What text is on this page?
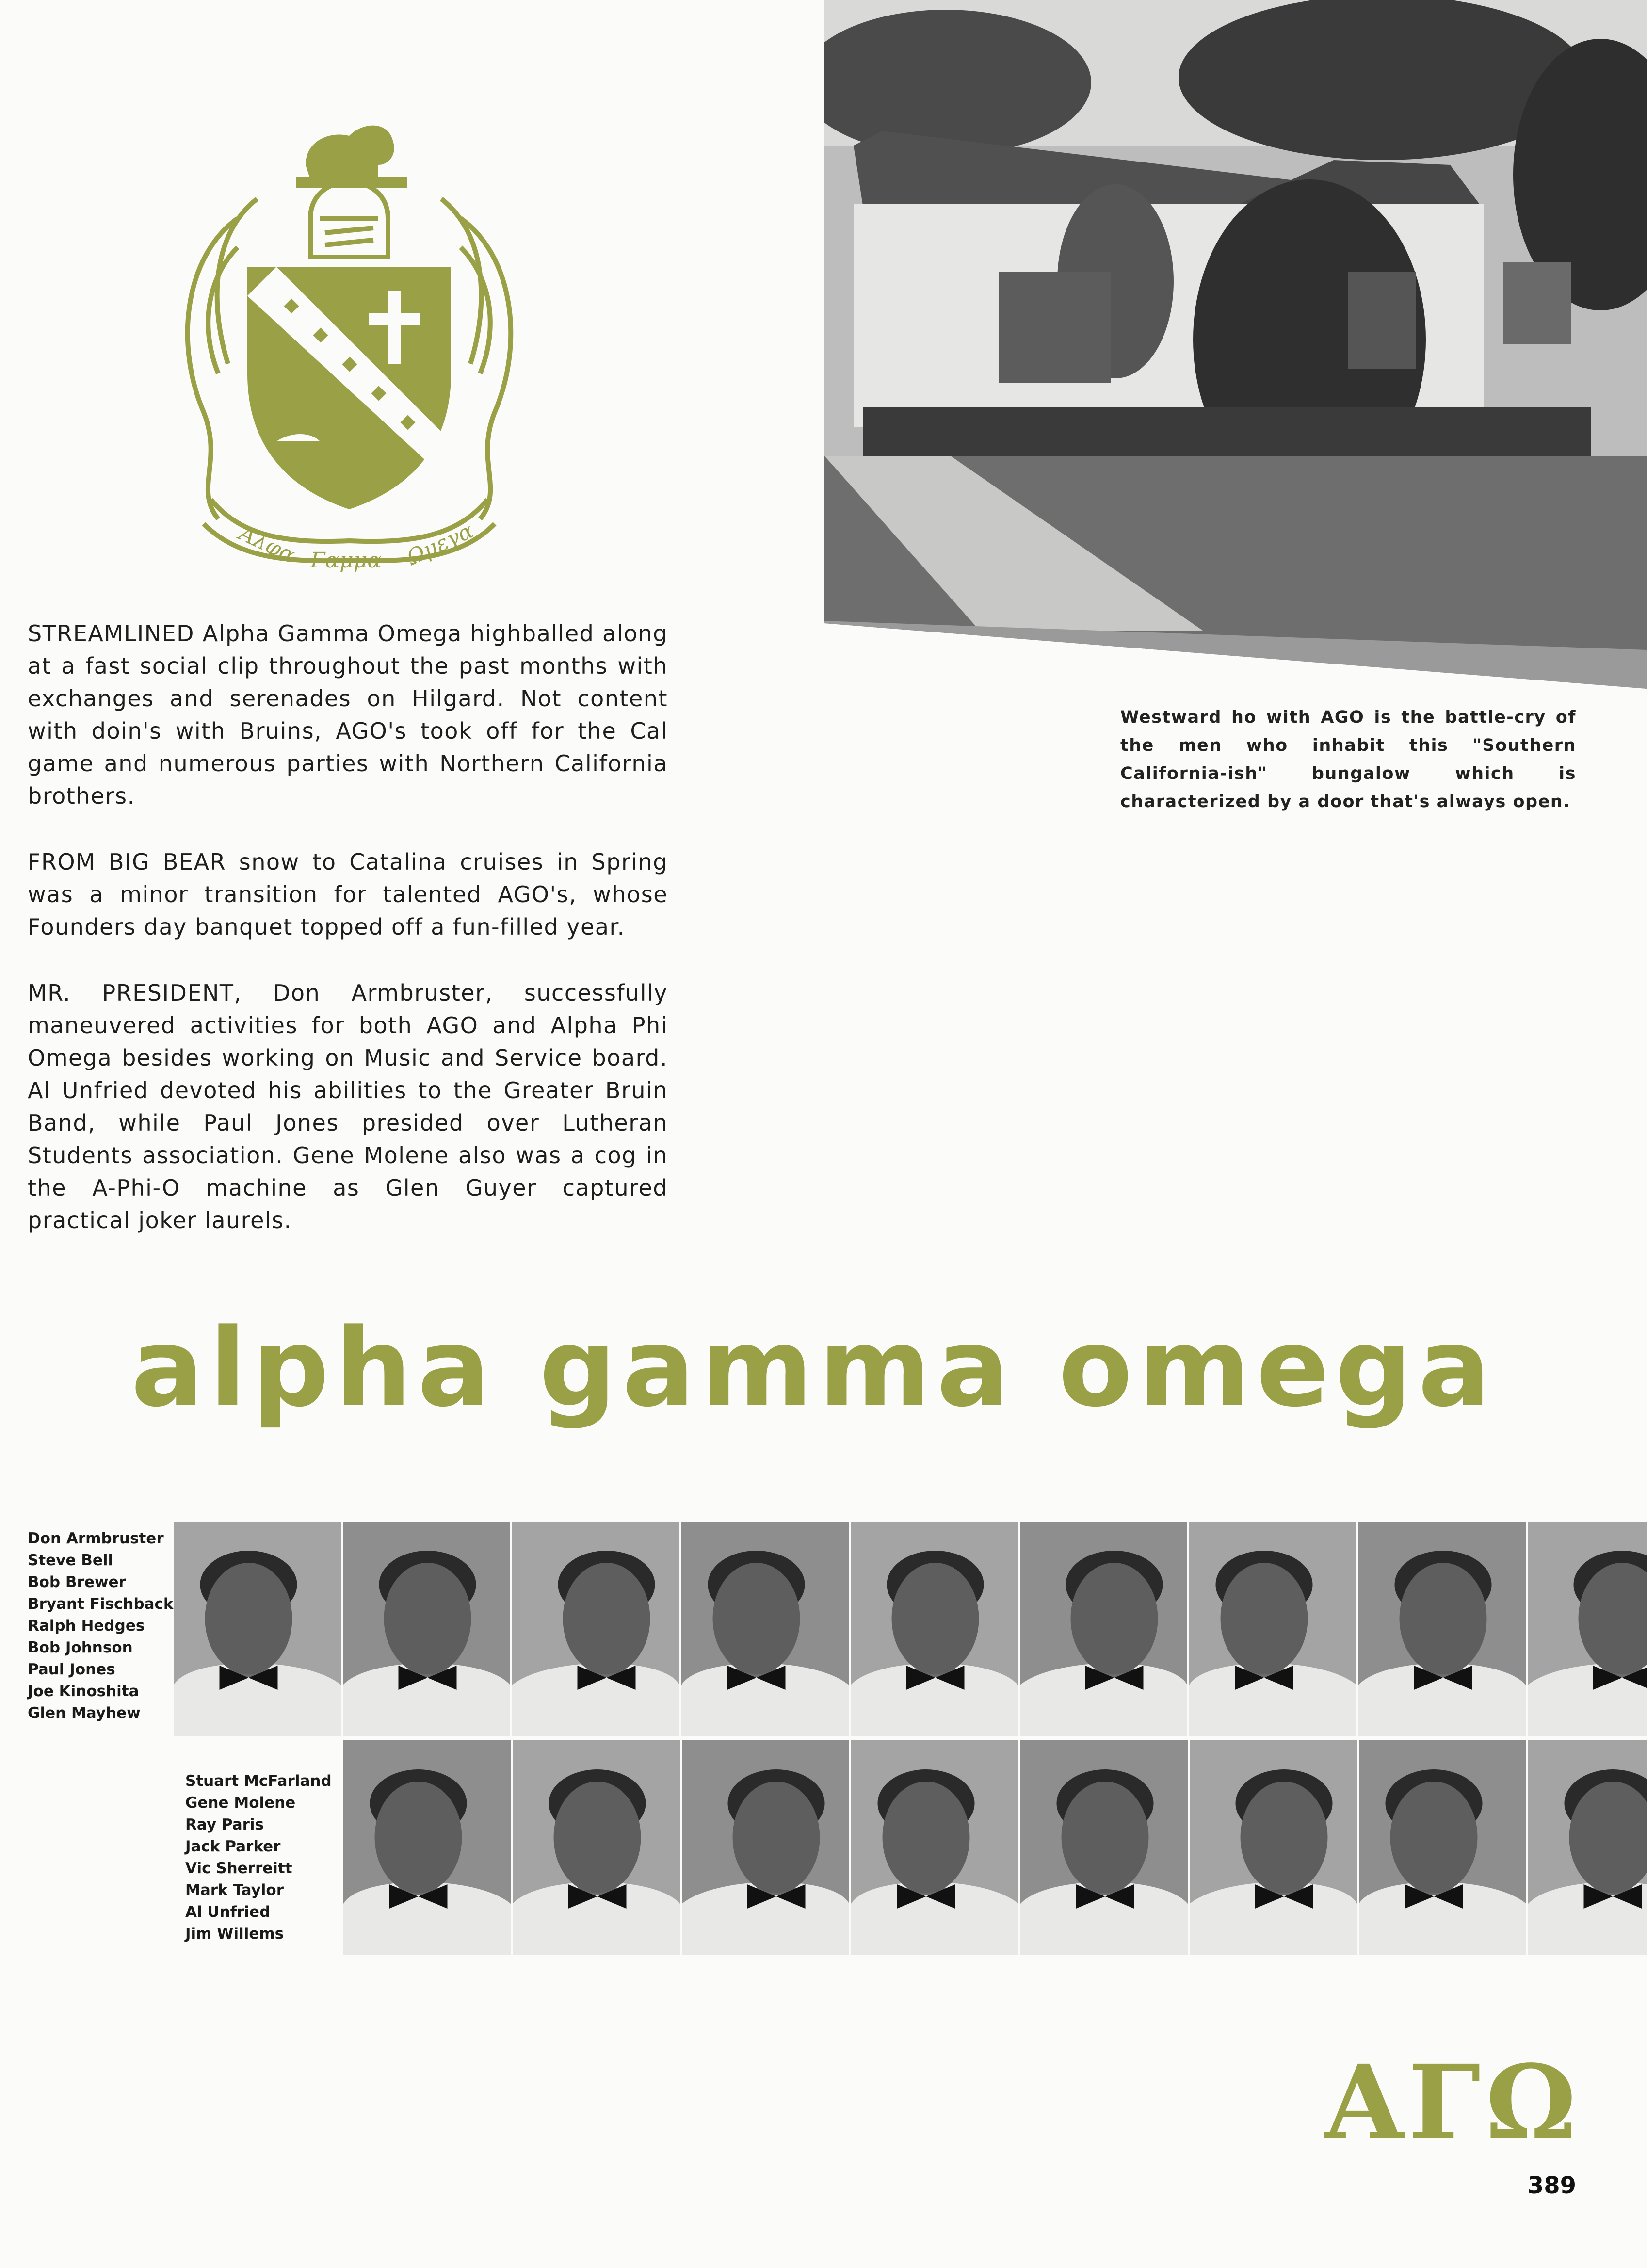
Αλφα Γαμμα Ωμεγα

STREAMLINED Alpha Gamma Omega highballed along at a fast social clip throughout the past months with exchanges and serenades on Hilgard. Not content with doin's with Bruins, AGO's took off for the Cal game and numerous parties with Northern California brothers.

FROM BIG BEAR snow to Catalina cruises in Spring was a minor transition for talented AGO's, whose Founders day banquet topped off a fun-filled year.

MR. PRESIDENT, Don Armbruster, successfully maneuvered activities for both AGO and Alpha Phi Omega besides working on Music and Service board. Al Unfried devoted his abilities to the Greater Bruin Band, while Paul Jones presided over Lutheran Students association. Gene Molene also was a cog in the A-Phi-O machine as Glen Guyer captured practical joker laurels.

Westward ho with AGO is the battle-cry of the men who inhabit this "Southern California-ish" bungalow which is characterized by a door that's always open.
alpha gamma omega
Don Armbruster
Steve Bell
Bob Brewer
Bryant Fischback
Ralph Hedges
Bob Johnson
Paul Jones
Joe Kinoshita
Glen Mayhew
Stuart McFarland
Gene Molene
Ray Paris
Jack Parker
Vic Sherreitt
Mark Taylor
Al Unfried
Jim Willems
ΑΓΩ
389
